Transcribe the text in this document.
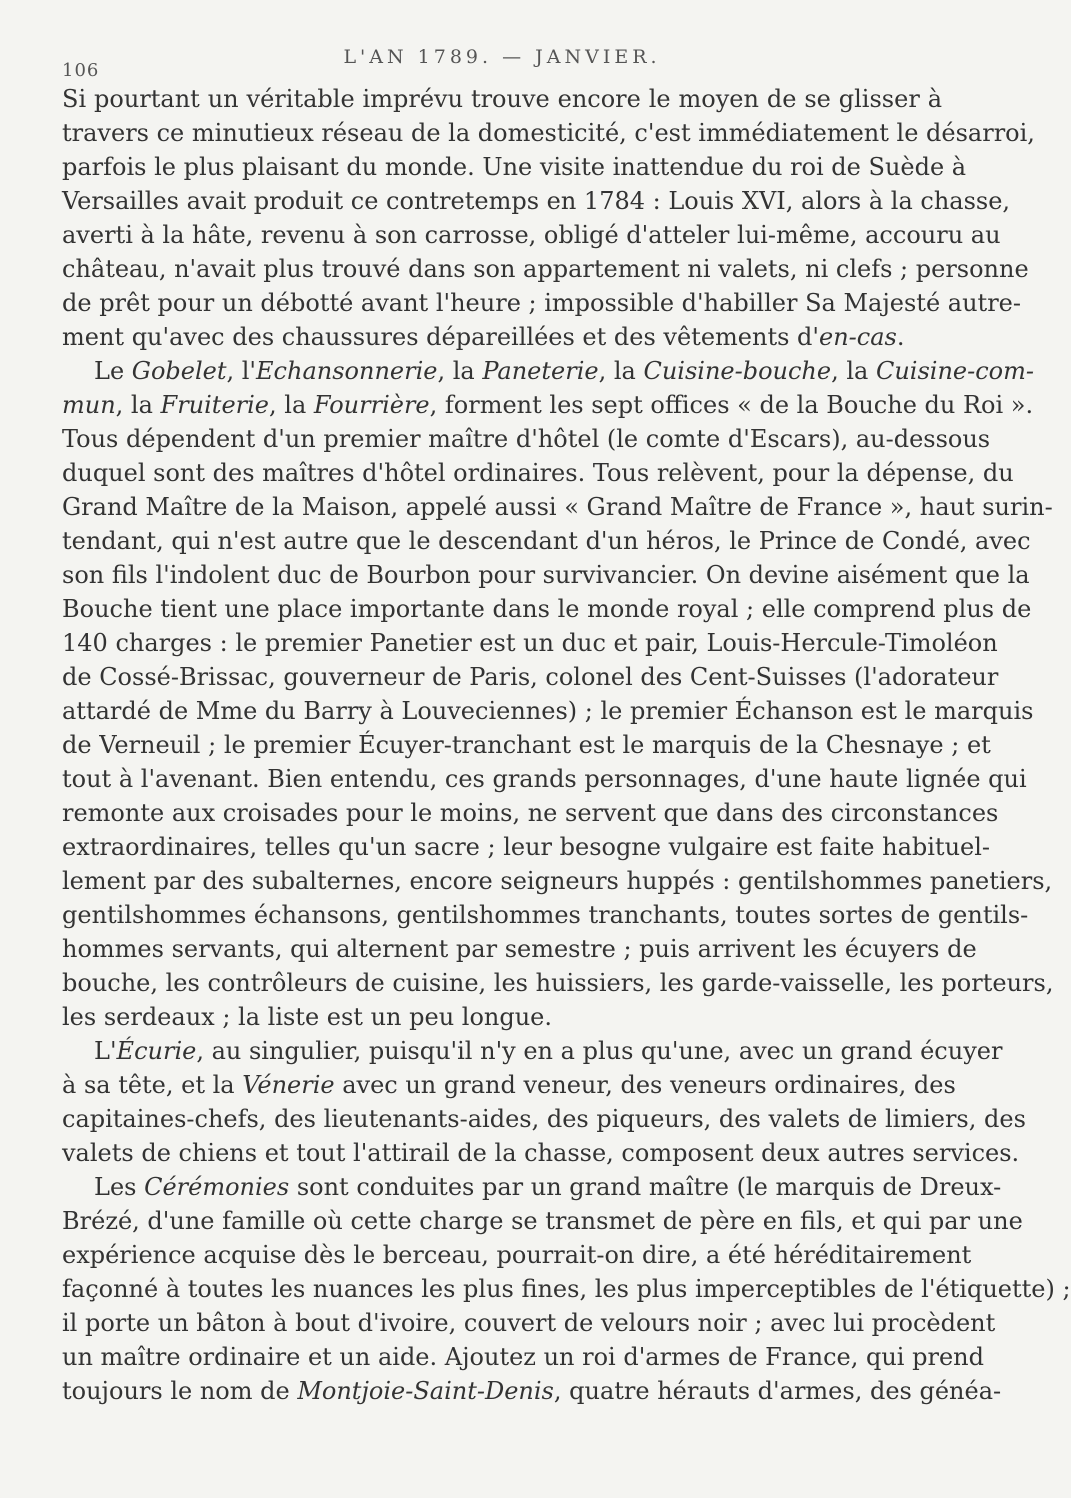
106
L'AN 1789. — JANVIER.
Si pourtant un véritable imprévu trouve encore le moyen de se glisser à
travers ce minutieux réseau de la domesticité, c'est immédiatement le désarroi,
parfois le plus plaisant du monde. Une visite inattendue du roi de Suède à
Versailles avait produit ce contretemps en 1784 : Louis XVI, alors à la chasse,
averti à la hâte, revenu à son carrosse, obligé d'atteler lui-même, accouru au
château, n'avait plus trouvé dans son appartement ni valets, ni clefs ; personne
de prêt pour un débotté avant l'heure ; impossible d'habiller Sa Majesté autre-
ment qu'avec des chaussures dépareillées et des vêtements d'en-cas.
Le Gobelet, l'Echansonnerie, la Paneterie, la Cuisine-bouche, la Cuisine-com-
mun, la Fruiterie, la Fourrière, forment les sept offices « de la Bouche du Roi ».
Tous dépendent d'un premier maître d'hôtel (le comte d'Escars), au-dessous
duquel sont des maîtres d'hôtel ordinaires. Tous relèvent, pour la dépense, du
Grand Maître de la Maison, appelé aussi « Grand Maître de France », haut surin-
tendant, qui n'est autre que le descendant d'un héros, le Prince de Condé, avec
son fils l'indolent duc de Bourbon pour survivancier. On devine aisément que la
Bouche tient une place importante dans le monde royal ; elle comprend plus de
140 charges : le premier Panetier est un duc et pair, Louis-Hercule-Timoléon
de Cossé-Brissac, gouverneur de Paris, colonel des Cent-Suisses (l'adorateur
attardé de Mme du Barry à Louveciennes) ; le premier Échanson est le marquis
de Verneuil ; le premier Écuyer-tranchant est le marquis de la Chesnaye ; et
tout à l'avenant. Bien entendu, ces grands personnages, d'une haute lignée qui
remonte aux croisades pour le moins, ne servent que dans des circonstances
extraordinaires, telles qu'un sacre ; leur besogne vulgaire est faite habituel-
lement par des subalternes, encore seigneurs huppés : gentilshommes panetiers,
gentilshommes échansons, gentilshommes tranchants, toutes sortes de gentils-
hommes servants, qui alternent par semestre ; puis arrivent les écuyers de
bouche, les contrôleurs de cuisine, les huissiers, les garde-vaisselle, les porteurs,
les serdeaux ; la liste est un peu longue.
L'Écurie, au singulier, puisqu'il n'y en a plus qu'une, avec un grand écuyer
à sa tête, et la Vénerie avec un grand veneur, des veneurs ordinaires, des
capitaines-chefs, des lieutenants-aides, des piqueurs, des valets de limiers, des
valets de chiens et tout l'attirail de la chasse, composent deux autres services.
Les Cérémonies sont conduites par un grand maître (le marquis de Dreux-
Brézé, d'une famille où cette charge se transmet de père en fils, et qui par une
expérience acquise dès le berceau, pourrait-on dire, a été héréditairement
façonné à toutes les nuances les plus fines, les plus imperceptibles de l'étiquette) ;
il porte un bâton à bout d'ivoire, couvert de velours noir ; avec lui procèdent
un maître ordinaire et un aide. Ajoutez un roi d'armes de France, qui prend
toujours le nom de Montjoie-Saint-Denis, quatre hérauts d'armes, des généa-
